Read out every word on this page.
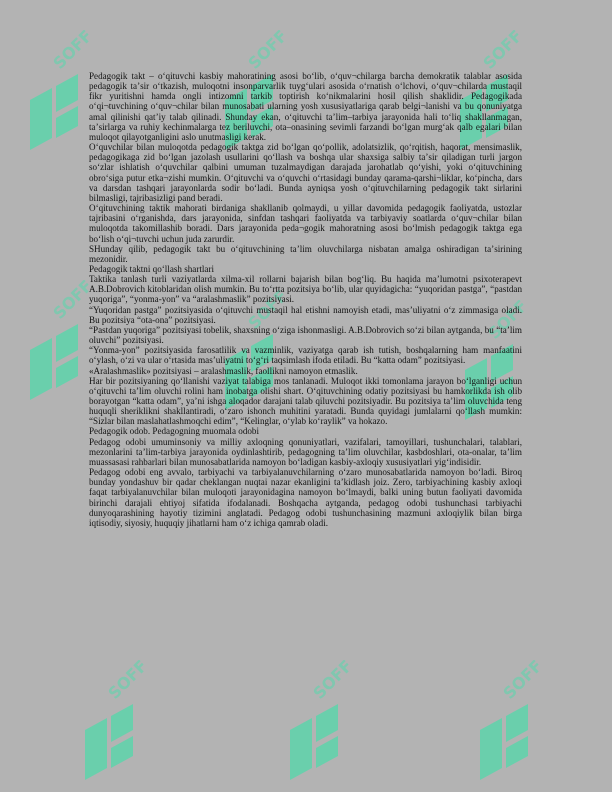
SOFF	SOFF	SOFF
SOFF	SOFF	SOFF
SOFF	SOFF	SOFF

Pedagogik takt – oʻqituvchi kasbiy mahoratining asosi boʻlib, oʻquv¬chilarga barcha demokratik talablar asosida pedagogik taʼsir oʻtkazish, muloqotni insonparvarlik tuygʻulari asosida oʻrnatish oʻlchovi, oʻquv¬chilarda mustaqil fikr yuritishni hamda ongli intizomni tarkib toptirish koʻnikmalarini hosil qilish shaklidir. Pedagogikada oʻqi¬tuvchining oʻquv¬chilar bilan munosabati ularning yosh xususiyatlariga qarab belgi¬lanishi va bu qonuniyatga amal qilinishi qatʼiy talab qilinadi. Shunday ekan, oʻqituvchi taʼlim–tarbiya jarayonida hali toʻliq shakllanmagan, taʼsirlarga va ruhiy kechinmalarga tez beriluvchi, ota–onasining sevimli farzandi boʻlgan murgʻak qalb egalari bilan muloqot qilayotganligini aslo unutmasligi kerak.

Oʻquvchilar bilan muloqotda pedagogik taktga zid boʻlgan qoʻpollik, adolatsizlik, qoʻrqitish, haqorat, mensimaslik, pedagogikaga zid boʻlgan jazolash usullarini qoʻllash va boshqa ular shaxsiga salbiy taʼsir qiladigan turli jargon soʻzlar ishlatish oʻquvchilar qalbini umuman tuzalmaydigan darajada jarohatlab qoʻyishi, yoki oʻqituvchining obroʻsiga putur etka¬zishi mumkin. Oʻqituvchi va oʻquvchi oʻrtasidagi bunday qarama-qarshi¬liklar, koʻpincha, dars va darsdan tashqari jarayonlarda sodir boʻladi. Bunda ayniqsa yosh oʻqituvchilarning pedagogik takt sirlarini bilmasligi, tajribasizligi pand beradi.

Oʻqituvchining taktik mahorati birdaniga shakllanib qolmaydi, u yillar davomida pedagogik faoliyatda, ustozlar tajribasini oʻrganishda, dars jarayonida, sinfdan tashqari faoliyatda va tarbiyaviy soatlarda oʻquv¬chilar bilan muloqotda takomillashib boradi. Dars jarayonida peda¬gogik mahoratning asosi boʻlmish pedagogik taktga ega boʻlish oʻqi¬tuvchi uchun juda zarurdir.

SHunday qilib, pedagogik takt bu oʻqituvchining taʼlim oluvchilarga nisbatan amalga oshiradigan taʼsirining mezonidir.

Pedagogik taktni qoʻllash shartlari

Taktika tanlash turli vaziyatlarda xilma-xil rollarni bajarish bilan bogʻliq. Bu haqida maʼlumotni psixoterapevt A.B.Dobrovich kitoblaridan olish mumkin. Bu toʻrtta pozitsiya boʻlib, ular quyidagicha: “yuqoridan pastga”, “pastdan yuqoriga”, “yonma-yon” va “aralashmaslik” pozitsiyasi.

“Yuqoridan pastga” pozitsiyasida oʻqituvchi mustaqil hal etishni namoyish etadi, masʼuliyatni oʻz zimmasiga oladi. Bu pozitsiya “ota-ona” pozitsiyasi.

“Pastdan yuqoriga” pozitsiyasi tobelik, shaxsning oʻziga ishonmasligi. A.B.Dobrovich soʻzi bilan aytganda, bu “taʼlim oluvchi” pozitsiyasi.

“Yonma-yon” pozitsiyasida farosatlilik va vazminlik, vaziyatga qarab ish tutish, boshqalarning ham manfaatini oʻylash, oʻzi va ular oʻrtasida masʼuliyatni toʻgʻri taqsimlash ifoda etiladi. Bu “katta odam” pozitsiyasi.

«Aralashmaslik» pozitsiyasi – aralashmaslik, faollikni namoyon etmaslik.

Har bir pozitsiyaning qoʻllanishi vaziyat talabiga mos tanlanadi. Muloqot ikki tomonlama jarayon boʻlganligi uchun oʻqituvchi taʼlim oluvchi rolini ham inobatga olishi shart. Oʻqituvchining odatiy pozitsiyasi bu hamkorlikda ish olib borayotgan “katta odam”, yaʼni ishga aloqador darajani talab qiluvchi pozitsiyadir. Bu pozitsiya taʼlim oluvchida teng huquqli sheriklikni shakllantiradi, oʻzaro ishonch muhitini yaratadi. Bunda quyidagi jumlalarni qoʻllash mumkin: “Sizlar bilan maslahatlashmoqchi edim”, “Kelinglar, oʻylab koʻraylik” va hokazo.

Pedagogik odob. Pedagogning muomala odobi

Pedagog odobi umuminsoniy va milliy axloqning qonuniyatlari, vazifalari, tamoyillari, tushunchalari, talablari, mezonlarini taʼlim-tarbiya jarayonida oydinlashtirib, pedagogning taʼlim oluvchilar, kasbdoshlari, ota-onalar, taʼlim muassasasi rahbarlari bilan munosabatlarida namoyon boʻladigan kasbiy-axloqiy xususiyatlari yigʻindisidir.

Pedagog odobi eng avvalo, tarbiyachi va tarbiyalanuvchilarning oʻzaro munosabatlarida namoyon boʻladi. Biroq bunday yondashuv bir qadar cheklangan nuqtai nazar ekanligini taʼkidlash joiz. Zero, tarbiyachining kasbiy axloqi faqat tarbiyalanuvchilar bilan muloqoti jarayonidagina namoyon boʻlmaydi, balki uning butun faoliyati davomida birinchi darajali ehtiyoj sifatida ifodalanadi. Boshqacha aytganda, pedagog odobi tushunchasi tarbiyachi dunyoqarashining hayotiy tizimini anglatadi. Pedagog odobi tushunchasining mazmuni axloqiylik bilan birga iqtisodiy, siyosiy, huquqiy jihatlarni ham oʻz ichiga qamrab oladi.
